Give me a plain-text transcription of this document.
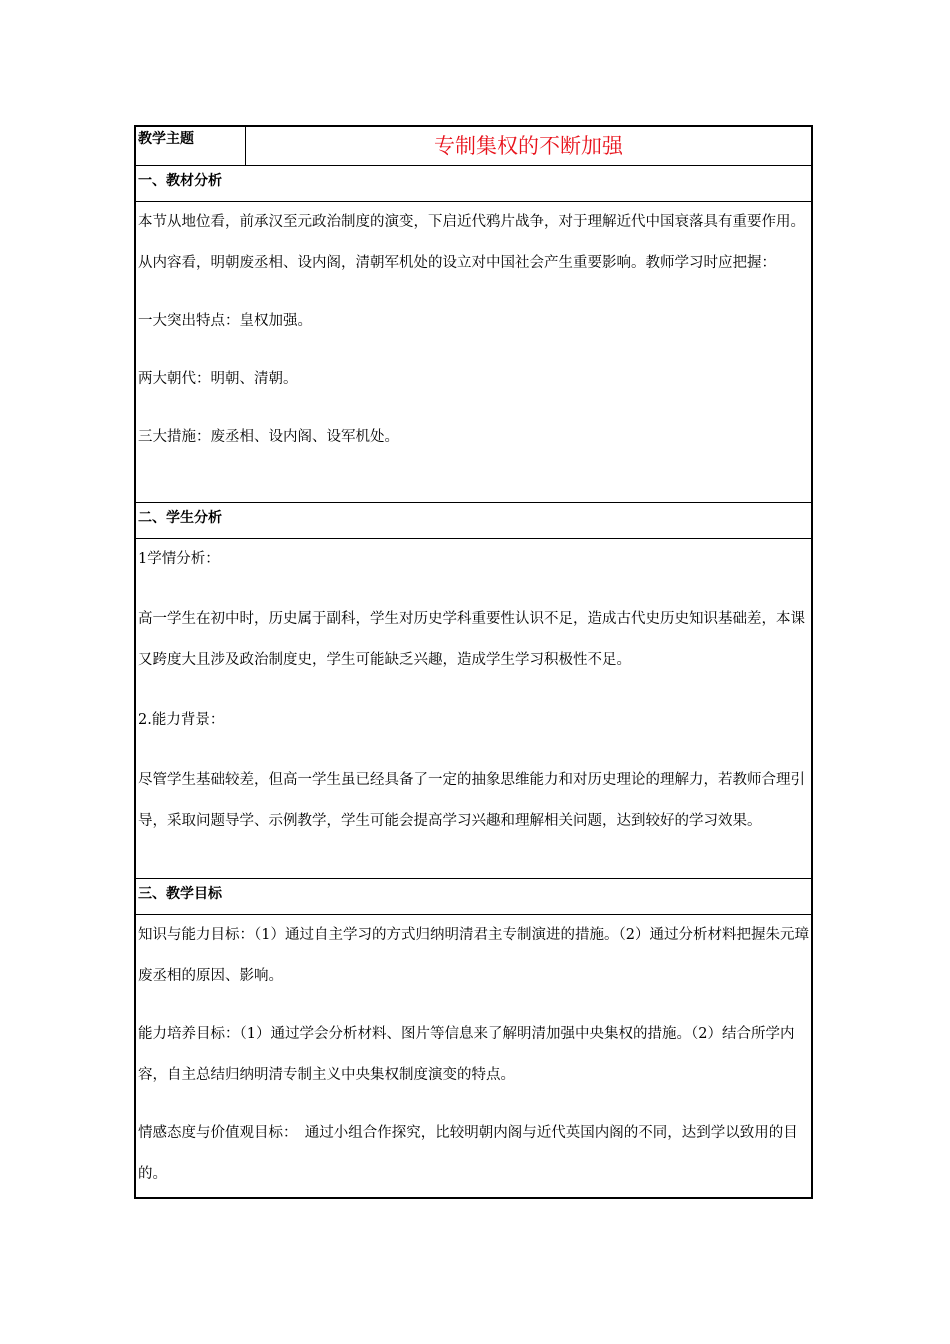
教学主题	专制集权的不断加强
一、教材分析

本节从地位看，前承汉至元政治制度的演变，下启近代鸦片战争，对于理解近代中国衰落具有重要作用。从内容看，明朝废丞相、设内阁，清朝军机处的设立对中国社会产生重要影响。教师学习时应把握：

一大突出特点：皇权加强。

两大朝代：明朝、清朝。

三大措施：废丞相、设内阁、设军机处。

二、学生分析

1学情分析：

高一学生在初中时，历史属于副科，学生对历史学科重要性认识不足，造成古代史历史知识基础差，本课又跨度大且涉及政治制度史，学生可能缺乏兴趣，造成学生学习积极性不足。

2.能力背景：

尽管学生基础较差，但高一学生虽已经具备了一定的抽象思维能力和对历史理论的理解力，若教师合理引导，采取问题导学、示例教学，学生可能会提高学习兴趣和理解相关问题，达到较好的学习效果。

三、教学目标

知识与能力目标：（1）通过自主学习的方式归纳明清君主专制演进的措施。（2）通过分析材料把握朱元璋废丞相的原因、影响。

能力培养目标：（1）通过学会分析材料、图片等信息来了解明清加强中央集权的措施。（2）结合所学内容，自主总结归纳明清专制主义中央集权制度演变的特点。

情感态度与价值观目标：　通过小组合作探究，比较明朝内阁与近代英国内阁的不同，达到学以致用的目的。
